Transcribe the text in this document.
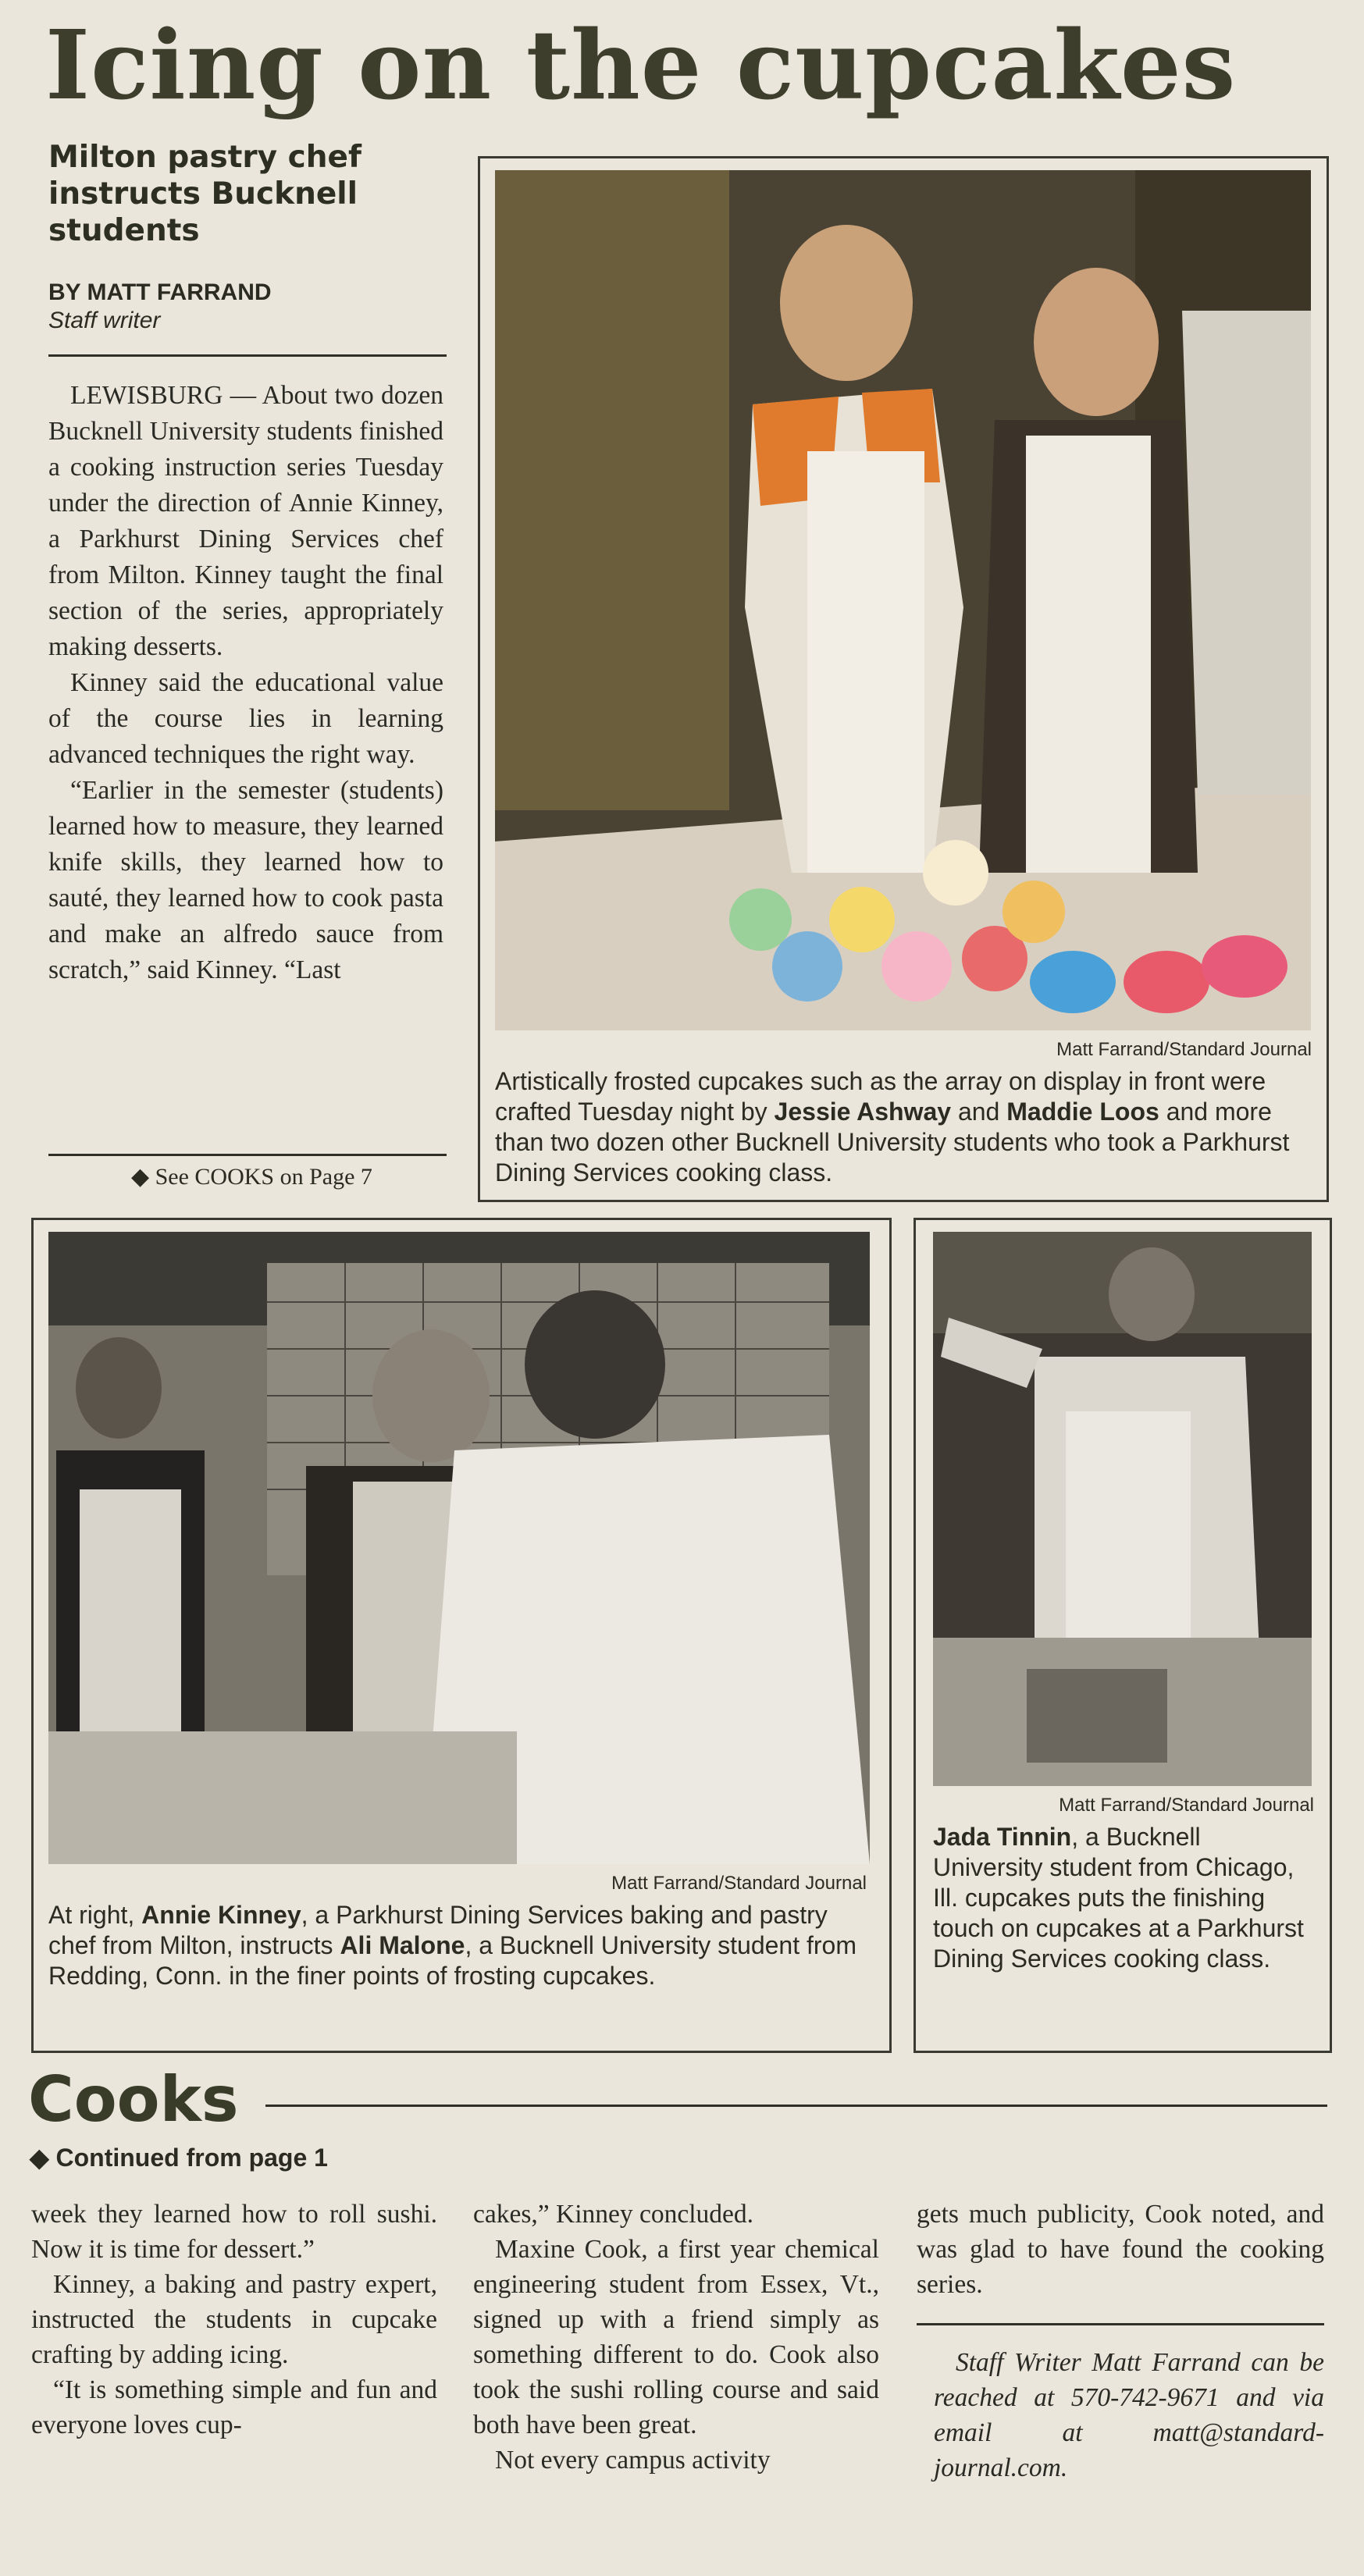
Icing on the cupcakes
Milton pastry chef instructs Bucknell students
BY MATT FARRAND
Staff writer

LEWISBURG — About two dozen Bucknell University students finished a cooking instruction series Tuesday under the direction of Annie Kinney, a Parkhurst Dining Services chef from Milton. Kinney taught the final section of the series, appropriately making desserts.

Kinney said the educational value of the course lies in learning advanced techniques the right way.

“Earlier in the semester (students) learned how to measure, they learned knife skills, they learned how to sauté, they learned how to cook pasta and make an alfredo sauce from scratch,” said Kinney. “Last

◆ See COOKS on Page 7
Matt Farrand/Standard Journal
Artistically frosted cupcakes such as the array on display in front were crafted Tuesday night by Jessie Ashway and Maddie Loos and more than two dozen other Bucknell University students who took a Parkhurst Dining Services cooking class.
Matt Farrand/Standard Journal
At right, Annie Kinney, a Parkhurst Dining Services baking and pastry chef from Milton, instructs Ali Malone, a Bucknell University student from Redding, Conn. in the finer points of frosting cupcakes.
Matt Farrand/Standard Journal
Jada Tinnin, a Bucknell University student from Chicago, Ill. cupcakes puts the finishing touch on cupcakes at a Parkhurst Dining Services cooking class.
Cooks
◆ Continued from page 1

week they learned how to roll sushi. Now it is time for dessert.”

Kinney, a baking and pastry expert, instructed the students in cupcake crafting by adding icing.

“It is something simple and fun and everyone loves cup-

cakes,” Kinney concluded.

Maxine Cook, a first year chemical engineering student from Essex, Vt., signed up with a friend simply as something different to do. Cook also took the sushi rolling course and said both have been great.

Not every campus activity

gets much publicity, Cook noted, and was glad to have found the cooking series.

Staff Writer Matt Farrand can be reached at 570-742-9671 and via email at matt@standard-journal.com.
